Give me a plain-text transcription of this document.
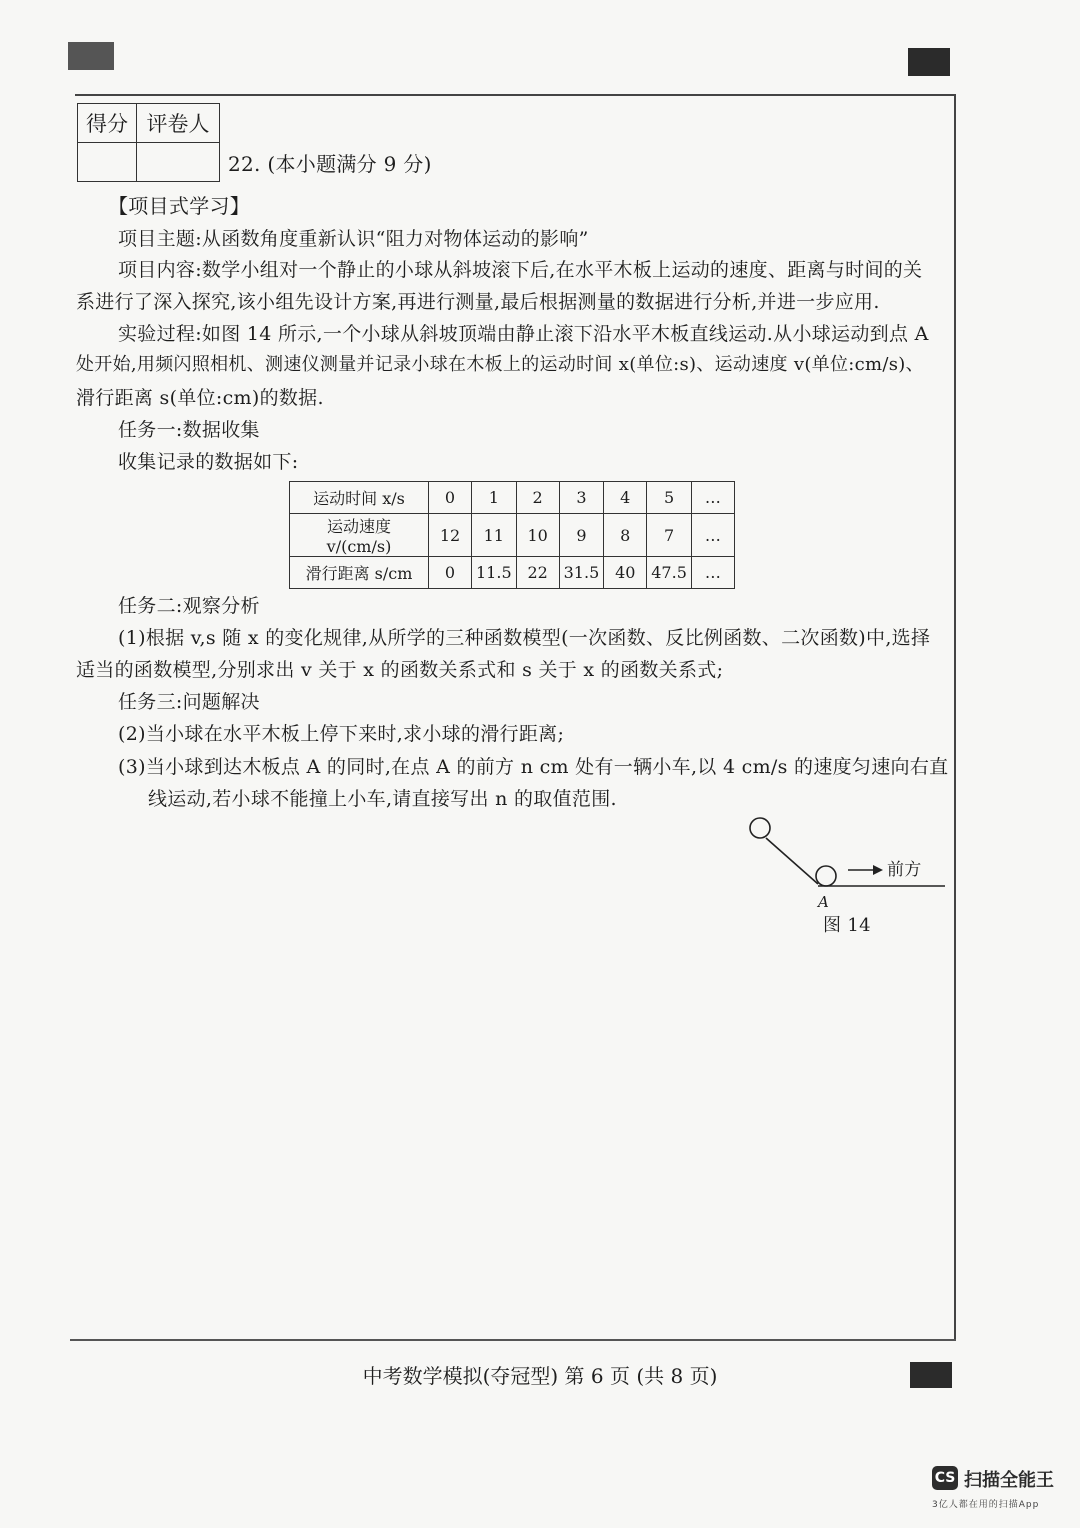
得分	评卷人

22. (本小题满分 9 分)
【项目式学习】
项目主题:从函数角度重新认识“阻力对物体运动的影响”
项目内容:数学小组对一个静止的小球从斜坡滚下后,在水平木板上运动的速度、距离与时间的关
系进行了深入探究,该小组先设计方案,再进行测量,最后根据测量的数据进行分析,并进一步应用.
实验过程:如图 14 所示,一个小球从斜坡顶端由静止滚下沿水平木板直线运动.从小球运动到点 A
处开始,用频闪照相机、测速仪测量并记录小球在木板上的运动时间 x(单位:s)、运动速度 v(单位:cm/s)、
滑行距离 s(单位:cm)的数据.
任务一:数据收集
收集记录的数据如下:
运动时间 x/s	0	1	2	3	4	5	…
运动速度 v/(cm/s)	12	11	10	9	8	7	…
滑行距离 s/cm	0	11.5	22	31.5	40	47.5	…
任务二:观察分析
(1)根据 v,s 随 x 的变化规律,从所学的三种函数模型(一次函数、反比例函数、二次函数)中,选择
适当的函数模型,分别求出 v 关于 x 的函数关系式和 s 关于 x 的函数关系式;
任务三:问题解决
(2)当小球在水平木板上停下来时,求小球的滑行距离;
(3)当小球到达木板点 A 的同时,在点 A 的前方 n cm 处有一辆小车,以 4 cm/s 的速度匀速向右直
线运动,若小球不能撞上小车,请直接写出 n 的取值范围.
前方
A
图 14
中考数学模拟(夺冠型) 第 6 页 (共 8 页)
CS 扫描全能王
3亿人都在用的扫描App
